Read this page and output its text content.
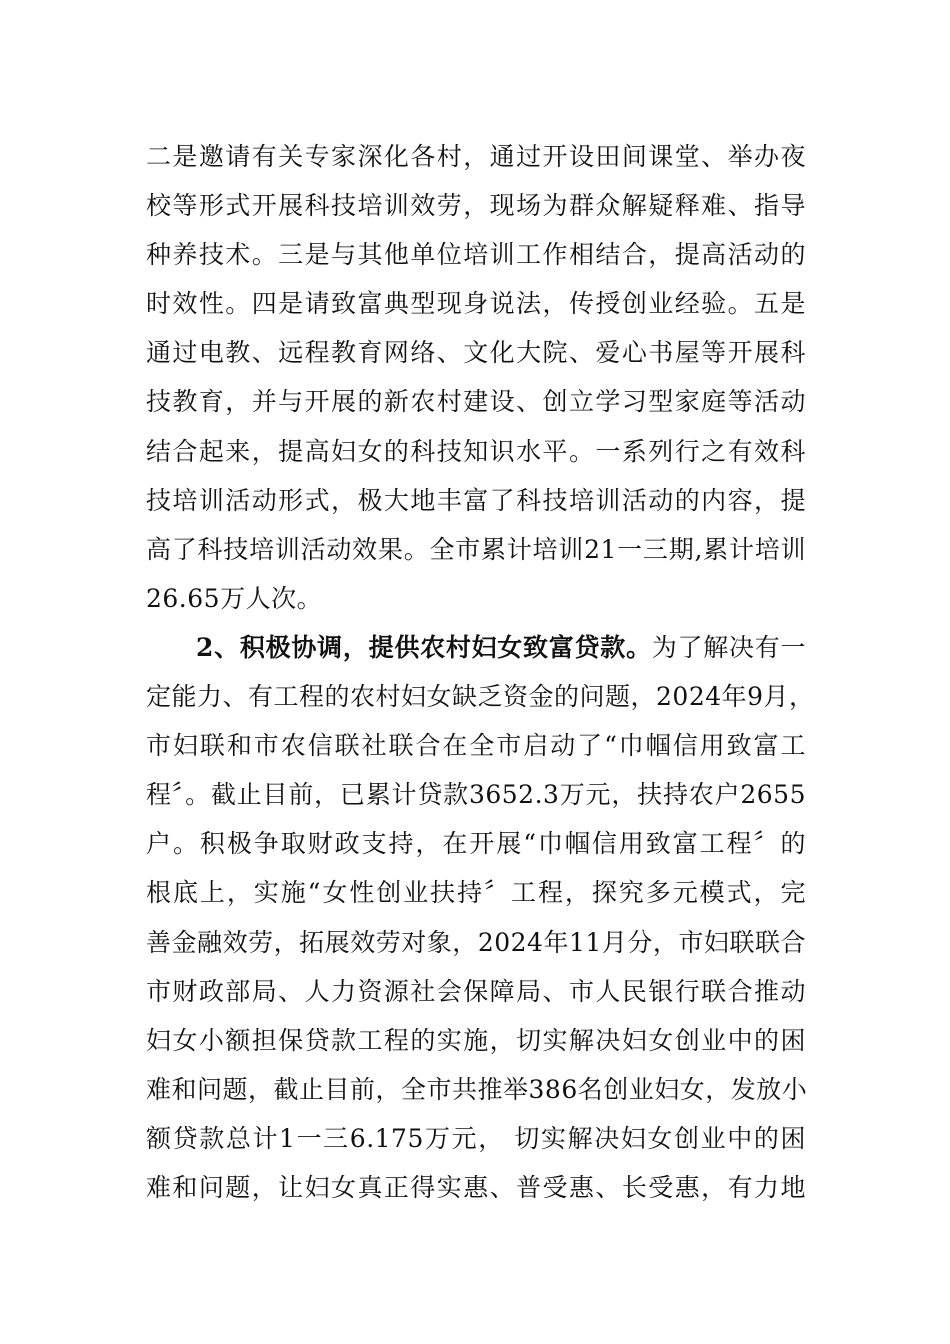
二是邀请有关专家深化各村，通过开设田间课堂、举办夜
校等形式开展科技培训效劳，现场为群众解疑释难、指导
种养技术。三是与其他单位培训工作相结合，提高活动的
时效性。四是请致富典型现身说法，传授创业经验。五是
通过电教、远程教育网络、文化大院、爱心书屋等开展科
技教育，并与开展的新农村建设、创立学习型家庭等活动
结合起来，提高妇女的科技知识水平。一系列行之有效科
技培训活动形式，极大地丰富了科技培训活动的内容，提
高了科技培训活动效果。全市累计培训21一三期,累计培训
26.65万人次。
2、积极协调，提供农村妇女致富贷款。为了解决有一
定能力、有工程的农村妇女缺乏资金的问题，2024年9月，
市妇联和市农信联社联合在全市启动了“巾帼信用致富工
程〞。截止目前，已累计贷款3652.3万元，扶持农户2655
户。积极争取财政支持，在开展“巾帼信用致富工程〞的
根底上，实施“女性创业扶持〞工程，探究多元模式，完
善金融效劳，拓展效劳对象，2024年11月分，市妇联联合
市财政部局、人力资源社会保障局、市人民银行联合推动
妇女小额担保贷款工程的实施，切实解决妇女创业中的困
难和问题，截止目前，全市共推举386名创业妇女，发放小
额贷款总计1一三6.175万元， 切实解决妇女创业中的困
难和问题，让妇女真正得实惠、普受惠、长受惠，有力地
